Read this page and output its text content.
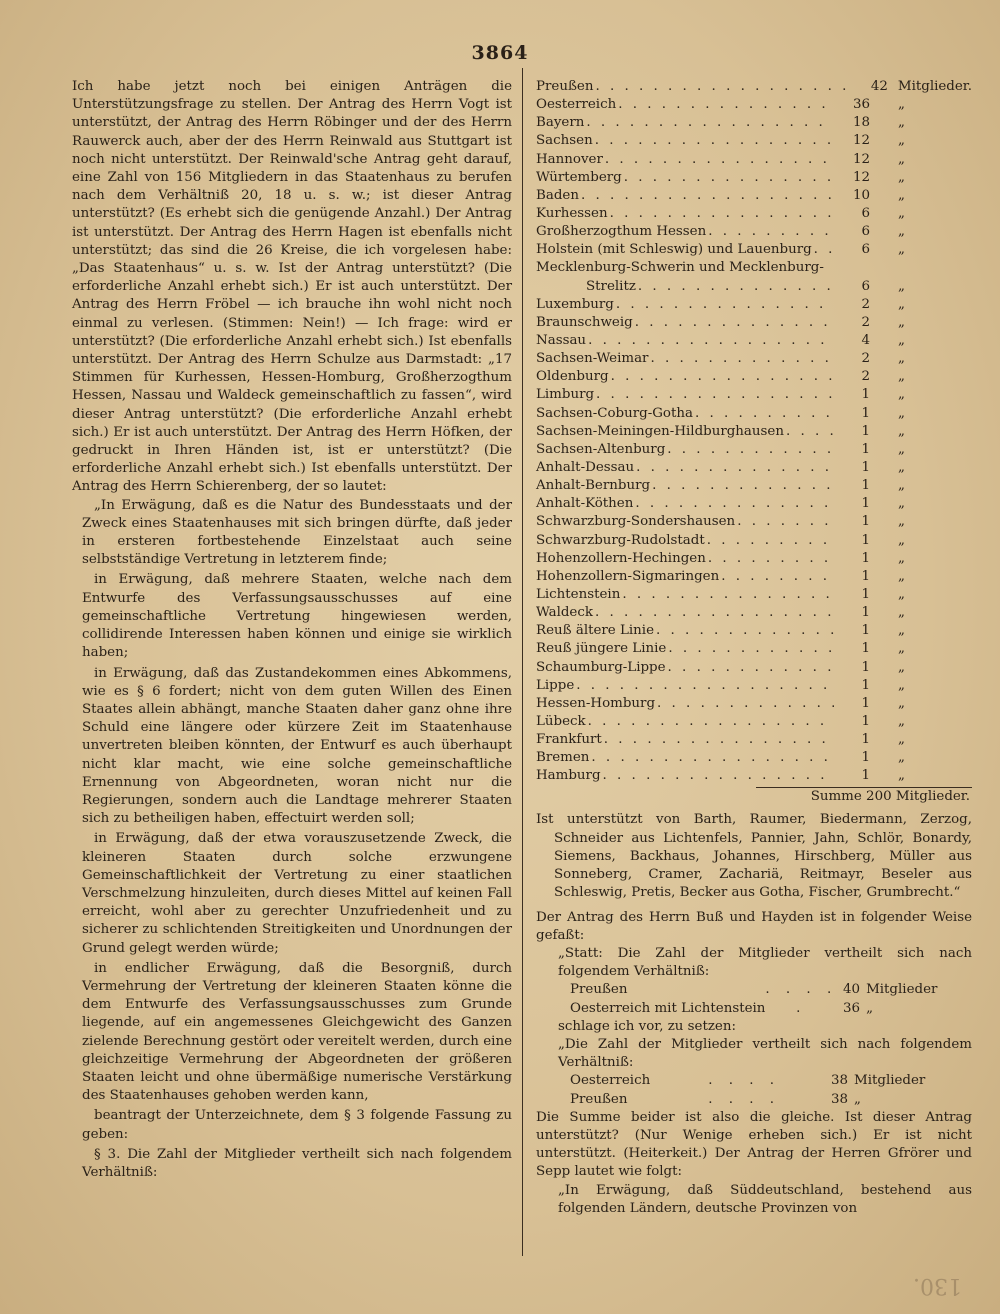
3864

Ich habe jetzt noch bei einigen Anträgen die Unterstützungsfrage zu stellen. Der Antrag des Herrn Vogt ist unterstützt, der Antrag des Herrn Röbinger und der des Herrn Rauwerck auch, aber der des Herrn Reinwald aus Stuttgart ist noch nicht unterstützt. Der Reinwald'sche Antrag geht darauf, eine Zahl von 156 Mitgliedern in das Staatenhaus zu berufen nach dem Verhältniß 20, 18 u. s. w.; ist dieser Antrag unterstützt? (Es erhebt sich die genügende Anzahl.) Der Antrag ist unterstützt. Der Antrag des Herrn Hagen ist ebenfalls nicht unterstützt; das sind die 26 Kreise, die ich vorgelesen habe: „Das Staatenhaus“ u. s. w. Ist der Antrag unterstützt? (Die erforderliche Anzahl erhebt sich.) Er ist auch unterstützt. Der Antrag des Herrn Fröbel — ich brauche ihn wohl nicht noch einmal zu verlesen. (Stimmen: Nein!) — Ich frage: wird er unterstützt? (Die erforderliche Anzahl erhebt sich.) Ist ebenfalls unterstützt. Der Antrag des Herrn Schulze aus Darmstadt: „17 Stimmen für Kurhessen, Hessen-Homburg, Großherzogthum Hessen, Nassau und Waldeck gemeinschaftlich zu fassen“, wird dieser Antrag unterstützt? (Die erforderliche Anzahl erhebt sich.) Er ist auch unterstützt. Der Antrag des Herrn Höfken, der gedruckt in Ihren Händen ist, ist er unterstützt? (Die erforderliche Anzahl erhebt sich.) Ist ebenfalls unterstützt. Der Antrag des Herrn Schierenberg, der so lautet:

„In Erwägung, daß es die Natur des Bundesstaats und der Zweck eines Staatenhauses mit sich bringen dürfte, daß jeder in ersteren fortbestehende Einzelstaat auch seine selbstständige Vertretung in letzterem finde;

in Erwägung, daß mehrere Staaten, welche nach dem Entwurfe des Verfassungsausschusses auf eine gemeinschaftliche Vertretung hingewiesen werden, collidirende Interessen haben können und einige sie wirklich haben;

in Erwägung, daß das Zustandekommen eines Abkommens, wie es § 6 fordert; nicht von dem guten Willen des Einen Staates allein abhängt, manche Staaten daher ganz ohne ihre Schuld eine längere oder kürzere Zeit im Staatenhause unvertreten bleiben könnten, der Entwurf es auch überhaupt nicht klar macht, wie eine solche gemeinschaftliche Ernennung von Abgeordneten, woran nicht nur die Regierungen, sondern auch die Landtage mehrerer Staaten sich zu betheiligen haben, effectuirt werden soll;

in Erwägung, daß der etwa vorauszusetzende Zweck, die kleineren Staaten durch solche erzwungene Gemeinschaftlichkeit der Vertretung zu einer staatlichen Verschmelzung hinzuleiten, durch dieses Mittel auf keinen Fall erreicht, wohl aber zu gerechter Unzufriedenheit und zu sicherer zu schlichtenden Streitigkeiten und Unordnungen der Grund gelegt werden würde;

in endlicher Erwägung, daß die Besorgniß, durch Vermehrung der Vertretung der kleineren Staaten könne die dem Entwurfe des Verfassungsausschusses zum Grunde liegende, auf ein angemessenes Gleichgewicht des Ganzen zielende Berechnung gestört oder vereitelt werden, durch eine gleichzeitige Vermehrung der Abgeordneten der größeren Staaten leicht und ohne übermäßige numerische Verstärkung des Staatenhauses gehoben werden kann,

beantragt der Unterzeichnete, dem § 3 folgende Fassung zu geben:

§ 3. Die Zahl der Mitglieder vertheilt sich nach folgendem Verhältniß:

Preußen . . .	42 Mitglieder.
Oesterreich . . .	36	„
Bayern . . .	18	„
Sachsen . . .	12	„
Hannover . . .	12	„
Würtemberg . . .	12	„
Baden . . .	10	„
Kurhessen . . .	6	„
Großherzogthum Hessen . . .	6	„
Holstein (mit Schleswig) und Lauenburg . . .	6	„
Mecklenburg-Schwerin und Mecklenburg-
Strelitz . . .	6	„
Luxemburg . . .	2	„
Braunschweig . . .	2	„
Nassau . . .	4	„
Sachsen-Weimar . . .	2	„
Oldenburg . . .	2	„
Limburg . . .	1	„
Sachsen-Coburg-Gotha . . .	1	„
Sachsen-Meiningen-Hildburghausen . . .	1	„
Sachsen-Altenburg . . .	1	„
Anhalt-Dessau . . .	1	„
Anhalt-Bernburg . . .	1	„
Anhalt-Köthen . . .	1	„
Schwarzburg-Sondershausen . . .	1	„
Schwarzburg-Rudolstadt . . .	1	„
Hohenzollern-Hechingen . . .	1	„
Hohenzollern-Sigmaringen . . .	1	„
Lichtenstein . . .	1	„
Waldeck . . .	1	„
Reuß ältere Linie . . .	1	„
Reuß jüngere Linie . . .	1	„
Schaumburg-Lippe . . .	1	„
Lippe . . .	1	„
Hessen-Homburg . . .	1	„
Lübeck . . .	1	„
Frankfurt . . .	1	„
Bremen . . .	1	„
Hamburg . . .	1	„
Summe 200 Mitglieder.

Ist unterstützt von Barth, Raumer, Biedermann, Zerzog, Schneider aus Lichtenfels, Pannier, Jahn, Schlör, Bonardy, Siemens, Backhaus, Johannes, Hirschberg, Müller aus Sonneberg, Cramer, Zachariä, Reitmayr, Beseler aus Schleswig, Pretis, Becker aus Gotha, Fischer, Grumbrecht.“

Der Antrag des Herrn Buß und Hayden ist in folgender Weise gefaßt:

„Statt: Die Zahl der Mitglieder vertheilt sich nach folgendem Verhältniß:

Preußen	. . . .	40	Mitglieder
Oesterreich mit Lichtenstein	.	36	„

schlage ich vor, zu setzen:

„Die Zahl der Mitglieder vertheilt sich nach folgendem Verhältniß:

Oesterreich	. . . .	38	Mitglieder
Preußen	. . . .	38	„

Die Summe beider ist also die gleiche. Ist dieser Antrag unterstützt? (Nur Wenige erheben sich.) Er ist nicht unterstützt. (Heiterkeit.) Der Antrag der Herren Gfrörer und Sepp lautet wie folgt:

„In Erwägung, daß Süddeutschland, bestehend aus folgenden Ländern, deutsche Provinzen von

130.
